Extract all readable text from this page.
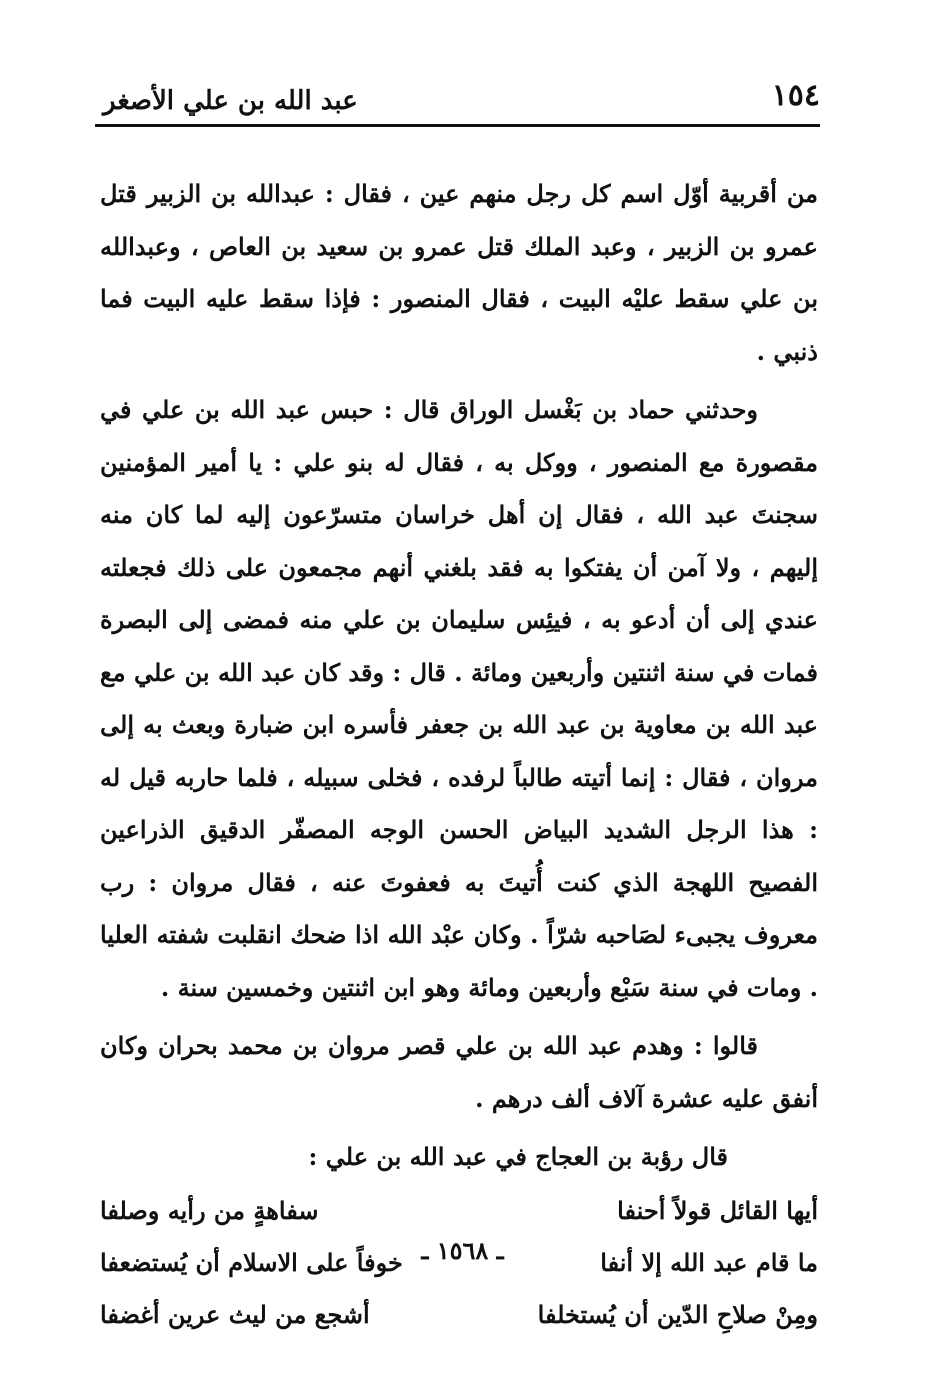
١٥٤
عبد الله بن علي الأصغر

من أقربية أوّل اسم كل رجل منهم عين ، فقال : عبدالله بن الزبير قتل عمرو بن الزبير ، وعبد الملك قتل عمرو بن سعيد بن العاص ، وعبدالله بن علي سقط عليْه البيت ، فقال المنصور : فإذا سقط عليه البيت فما ذنبي .

وحدثني حماد بن بَغْسل الوراق قال : حبس عبد الله بن علي في مقصورة مع المنصور ، ووكل به ، فقال له بنو علي : يا أمير المؤمنين سجنتَ عبد الله ، فقال إن أهل خراسان متسرّعون إليه لما كان منه إليهم ، ولا آمن أن يفتكوا به فقد بلغني أنهم مجمعون على ذلك فجعلته عندي إلى أن أدعو به ، فيئِس سليمان بن علي منه فمضى إلى البصرة فمات في سنة اثنتين وأربعين ومائة . قال : وقد كان عبد الله بن علي مع عبد الله بن معاوية بن عبد الله بن جعفر فأسره ابن ضبارة وبعث به إلى مروان ، فقال : إنما أتيته طالباً لرفده ، فخلى سبيله ، فلما حاربه قيل له : هذا الرجل الشديد البياض الحسن الوجه المصفّر الدقيق الذراعين الفصيح اللهجة الذي كنت أُتيتَ به فعفوتَ عنه ، فقال مروان : رب معروف يجبىء لصَاحبه شرّاً . وكان عبْد الله اذا ضحك انقلبت شفته العليا . ومات في سنة سَبْع وأربعين ومائة وهو ابن اثنتين وخمسين سنة .

قالوا : وهدم عبد الله بن علي قصر مروان بن محمد بحران وكان أنفق عليه عشرة آلاف ألف درهم .

قال رؤبة بن العجاج في عبد الله بن علي :

أيها القائل قولاً أحنفا
سفاهةٍ من رأيه وصلفا
ما قام عبد الله إلا أنفا
خوفاً على الاسلام أن يُستضعفا
ومِنْ صلاحِ الدّين أن يُستخلفا
أشجع من ليث عرين أغضفا
ـ ١٥٦٨ ـ
